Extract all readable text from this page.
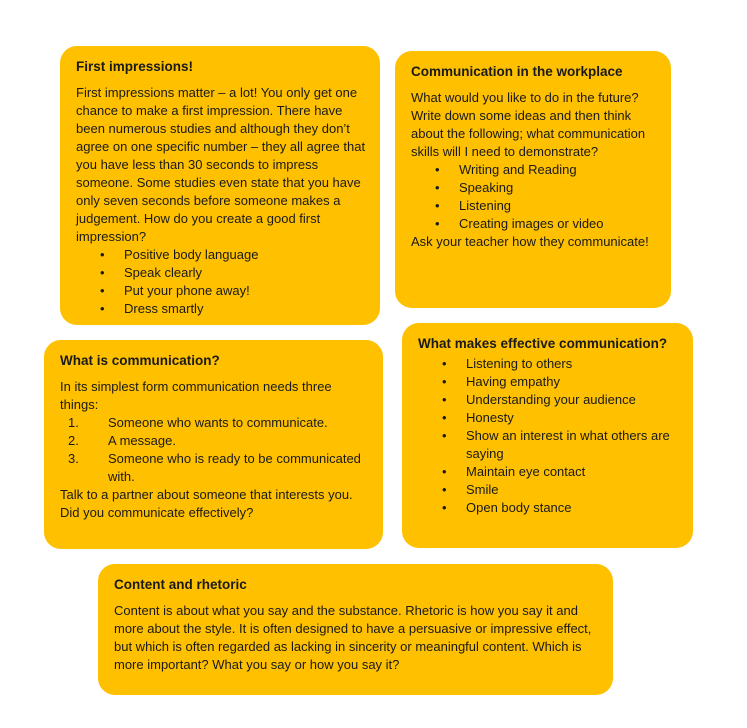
First impressions!

First impressions matter – a lot! You only get one chance to make a first impression. There have been numerous studies and although they don’t agree on one specific number – they all agree that you have less than 30 seconds to impress someone. Some studies even state that you have only seven seconds before someone makes a judgement. How do you create a good first impression?

• Positive body language
• Speak clearly
• Put your phone away!
• Dress smartly
Communication in the workplace

What would you like to do in the future? Write down some ideas and then think about the following; what communication skills will I need to demonstrate?

• Writing and Reading
• Speaking
• Listening
• Creating images or video

Ask your teacher how they communicate!

What is communication?

In its simplest form communication needs three things:

1. Someone who wants to communicate.
2. A message.
3. Someone who is ready to be communicated with.

Talk to a partner about someone that interests you. Did you communicate effectively?

What makes effective communication?
• Listening to others
• Having empathy
• Understanding your audience
• Honesty
• Show an interest in what others are saying
• Maintain eye contact
• Smile
• Open body stance
Content and rhetoric

Content is about what you say and the substance. Rhetoric is how you say it and more about the style. It is often designed to have a persuasive or impressive effect, but which is often regarded as lacking in sincerity or meaningful content. Which is more important? What you say or how you say it?
